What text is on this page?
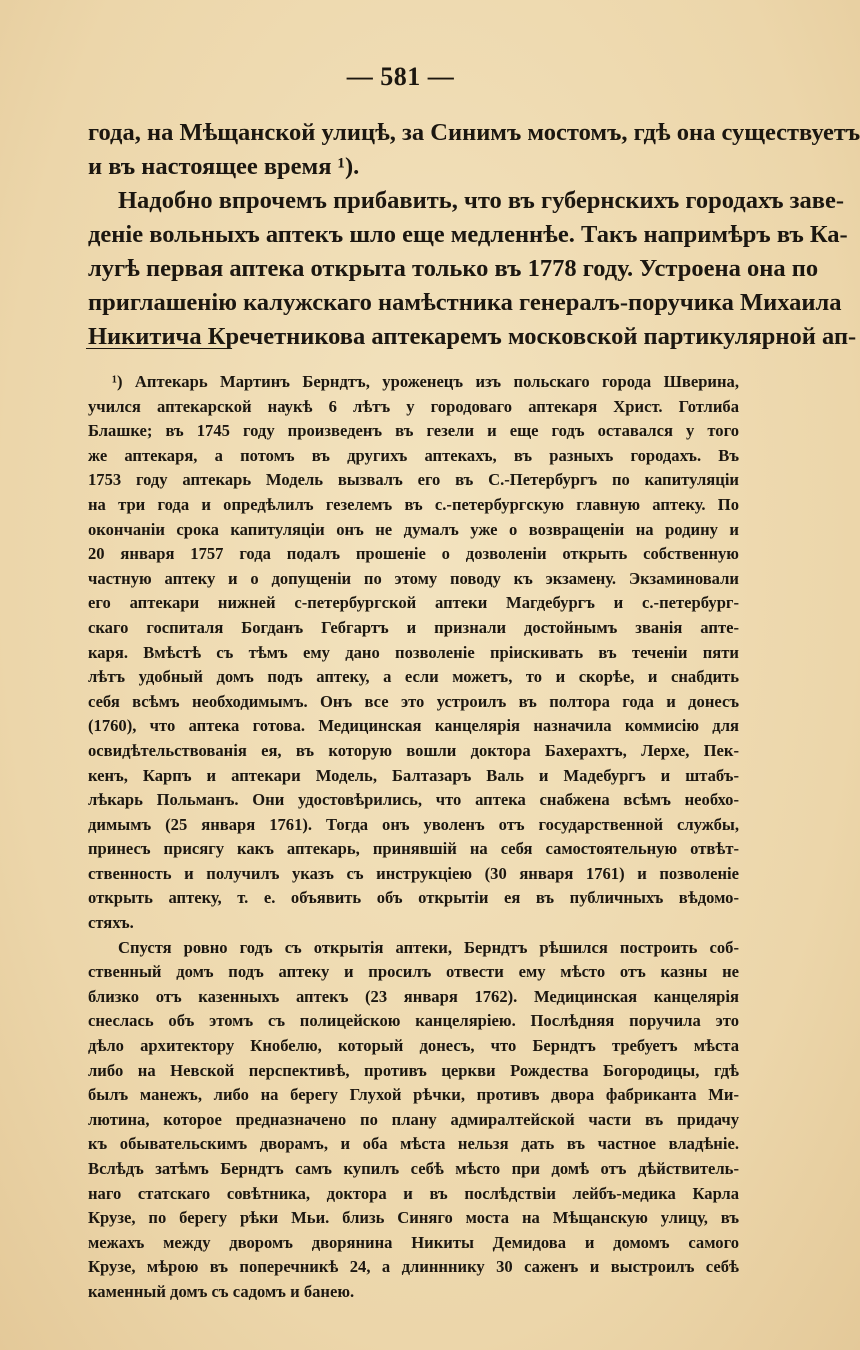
— 581 —
года, на Мѣщанской улицѣ, за Синимъ мостомъ, гдѣ она существуетъ
и въ настоящее время ¹).
Надобно впрочемъ прибавить, что въ губернскихъ городахъ заве-
деніе вольныхъ аптекъ шло еще медленнѣе. Такъ напримѣръ въ Ка-
лугѣ первая аптека открыта только въ 1778 году. Устроена она по
приглашенію калужскаго намѣстника генералъ-поручика Михаила
Никитича Кречетникова аптекаремъ московской партикулярной ап-
¹) Аптекарь Мартинъ Берндтъ, уроженецъ изъ польскаго города Шверина,
учился аптекарской наукѣ 6 лѣтъ у городоваго аптекаря Христ. Готлиба
Блашке; въ 1745 году произведенъ въ гезели и еще годъ оставался у того
же аптекаря, а потомъ въ другихъ аптекахъ, въ разныхъ городахъ. Въ
1753 году аптекарь Модель вызвалъ его въ С.-Петербургъ по капитуляціи
на три года и опредѣлилъ гезелемъ въ с.-петербургскую главную аптеку. По
окончаніи срока капитуляціи онъ не думалъ уже о возвращеніи на родину и
20 января 1757 года подалъ прошеніе о дозволеніи открыть собственную
частную аптеку и о допущеніи по этому поводу къ экзамену. Экзаминовали
его аптекари нижней с-петербургской аптеки Магдебургъ и с.-петербург-
скаго госпиталя Богданъ Гебгартъ и признали достойнымъ званія апте-
каря. Вмѣстѣ съ тѣмъ ему дано позволеніе пріискивать въ теченіи пяти
лѣтъ удобный домъ подъ аптеку, а если можетъ, то и скорѣе, и снабдить
себя всѣмъ необходимымъ. Онъ все это устроилъ въ полтора года и донесъ
(1760), что аптека готова. Медицинская канцелярія назначила коммисію для
освидѣтельствованія ея, въ которую вошли доктора Бахерахтъ, Лерхе, Пек-
кенъ, Карпъ и аптекари Модель, Балтазаръ Валь и Мадебургъ и штабъ-
лѣкарь Польманъ. Они удостовѣрились, что аптека снабжена всѣмъ необхо-
димымъ (25 января 1761). Тогда онъ уволенъ отъ государственной службы,
принесъ присягу какъ аптекарь, принявшій на себя самостоятельную отвѣт-
ственность и получилъ указъ съ инструкціею (30 января 1761) и позволеніе
открыть аптеку, т. е. объявить объ открытіи ея въ публичныхъ вѣдомо-
стяхъ.
Спустя ровно годъ съ открытія аптеки, Берндтъ рѣшился построить соб-
ственный домъ подъ аптеку и просилъ отвести ему мѣсто отъ казны не
близко отъ казенныхъ аптекъ (23 января 1762). Медицинская канцелярія
снеслась объ этомъ съ полицейскою канцеляріею. Послѣдняя поручила это
дѣло архитектору Кнобелю, который донесъ, что Берндтъ требуетъ мѣста
либо на Невской перспективѣ, противъ церкви Рождества Богородицы, гдѣ
былъ манежъ, либо на берегу Глухой рѣчки, противъ двора фабриканта Ми-
лютина, которое предназначено по плану адмиралтейской части въ придачу
къ обывательскимъ дворамъ, и оба мѣста нельзя дать въ частное владѣніе.
Вслѣдъ затѣмъ Берндтъ самъ купилъ себѣ мѣсто при домѣ отъ дѣйствитель-
наго статскаго совѣтника, доктора и въ послѣдствіи лейбъ-медика Карла
Крузе, по берегу рѣки Мьи. близь Синяго моста на Мѣщанскую улицу, въ
межахъ между дворомъ дворянина Никиты Демидова и домомъ самого
Крузе, мѣрою въ поперечникѣ 24, а длинннику 30 саженъ и выстроилъ себѣ
каменный домъ съ садомъ и банею.
